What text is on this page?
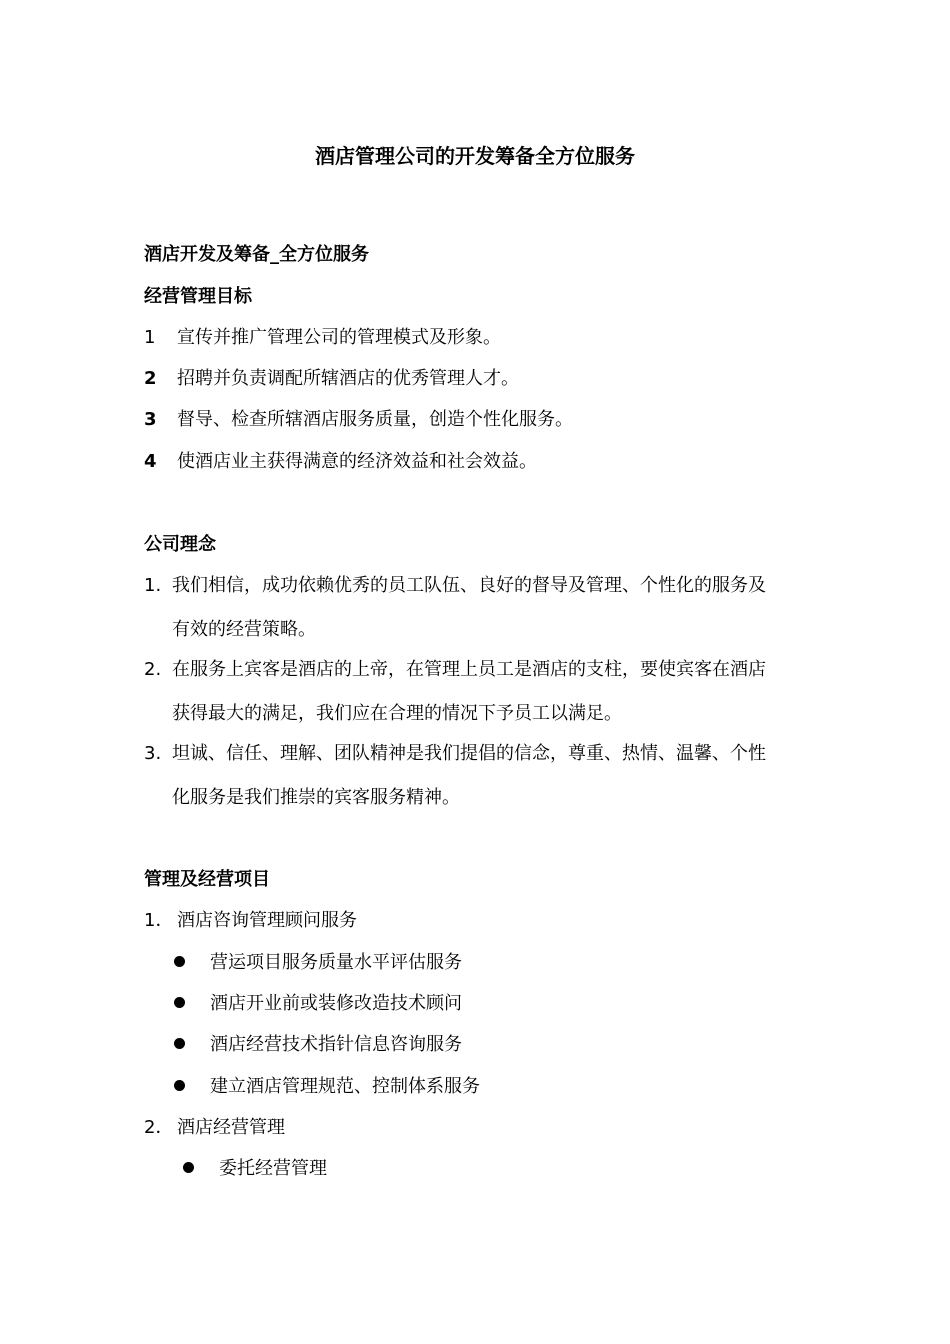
酒店管理公司的开发筹备全方位服务
酒店开发及筹备_全方位服务
经营管理目标
1 宣传并推广管理公司的管理模式及形象。
2 招聘并负责调配所辖酒店的优秀管理人才。
3 督导、检查所辖酒店服务质量，创造个性化服务。
4 使酒店业主获得满意的经济效益和社会效益。
公司理念
1. 我们相信，成功依赖优秀的员工队伍、良好的督导及管理、个性化的服务及
有效的经营策略。
2. 在服务上宾客是酒店的上帝，在管理上员工是酒店的支柱，要使宾客在酒店
获得最大的满足，我们应在合理的情况下予员工以满足。
3. 坦诚、信任、理解、团队精神是我们提倡的信念，尊重、热情、温馨、个性
化服务是我们推崇的宾客服务精神。
管理及经营项目
1． 酒店咨询管理顾问服务
营运项目服务质量水平评估服务
酒店开业前或装修改造技术顾问
酒店经营技术指针信息咨询服务
建立酒店管理规范、控制体系服务
2． 酒店经营管理
委托经营管理
